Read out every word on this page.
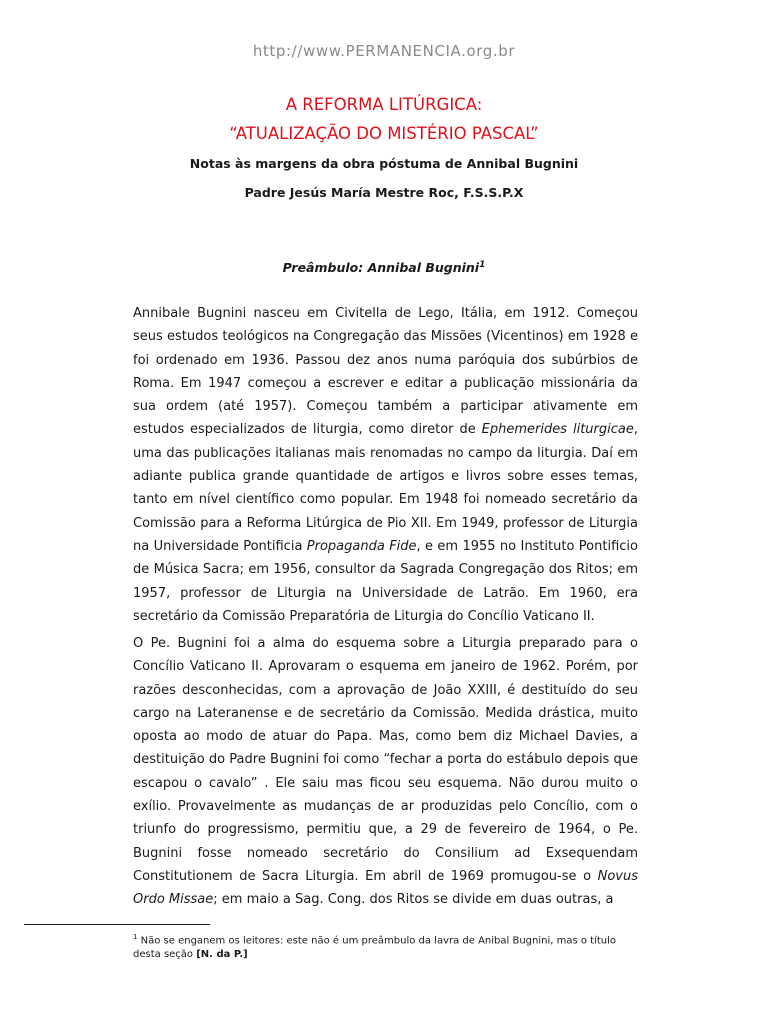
http://www.PERMANENCIA.org.br
A REFORMA LITÚRGICA:
“ATUALIZAÇÃO DO MISTÉRIO PASCAL”
Notas às margens da obra póstuma de Annibal Bugnini
Padre Jesús María Mestre Roc, F.S.S.P.X
Preâmbulo: Annibal Bugnini$^1$

Annibale Bugnini nasceu em Civitella de Lego, Itália, em 1912. Começou seus estudos teológicos na Congregação das Missões (Vicentinos) em 1928 e foi ordenado em 1936. Passou dez anos numa paróquia dos subúrbios de Roma. Em 1947 começou a escrever e editar a publicação missionária da sua ordem (até 1957). Começou também a participar ativamente em estudos especializados de liturgia, como diretor de Ephemerides liturgicae, uma das publicações italianas mais renomadas no campo da liturgia. Daí em adiante publica grande quantidade de artigos e livros sobre esses temas, tanto em nível científico como popular. Em 1948 foi nomeado secretário da Comissão para a Reforma Litúrgica de Pio XII. Em 1949, professor de Liturgia na Universidade Pontificia Propaganda Fide, e em 1955 no Instituto Pontificio de Música Sacra; em 1956, consultor da Sagrada Congregação dos Ritos; em 1957, professor de Liturgia na Universidade de Latrão. Em 1960, era secretário da Comissão Preparatória de Liturgia do Concílio Vaticano II.

O Pe. Bugnini foi a alma do esquema sobre a Liturgia preparado para o Concílio Vaticano II. Aprovaram o esquema em janeiro de 1962. Porém, por razões desconhecidas, com a aprovação de João XXIII, é destituído do seu cargo na Lateranense e de secretário da Comissão. Medida drástica, muito oposta ao modo de atuar do Papa. Mas, como bem diz Michael Davies, a destituição do Padre Bugnini foi como “fechar a porta do estábulo depois que escapou o cavalo” . Ele saiu mas ficou seu esquema. Não durou muito o exílio. Provavelmente as mudanças de ar produzidas pelo Concílio, com o triunfo do progressismo, permitiu que, a 29 de fevereiro de 1964, o Pe. Bugnini fosse nomeado secretário do Consilium ad Exsequendam Constitutionem de Sacra Liturgia. Em abril de 1969 promugou-se o Novus Ordo Missae; em maio a Sag. Cong. dos Ritos se divide em duas outras, a

$^1$ Não se enganem os leitores: este não é um preâmbulo da lavra de Anibal Bugnini, mas o título desta seção [N. da P.]
